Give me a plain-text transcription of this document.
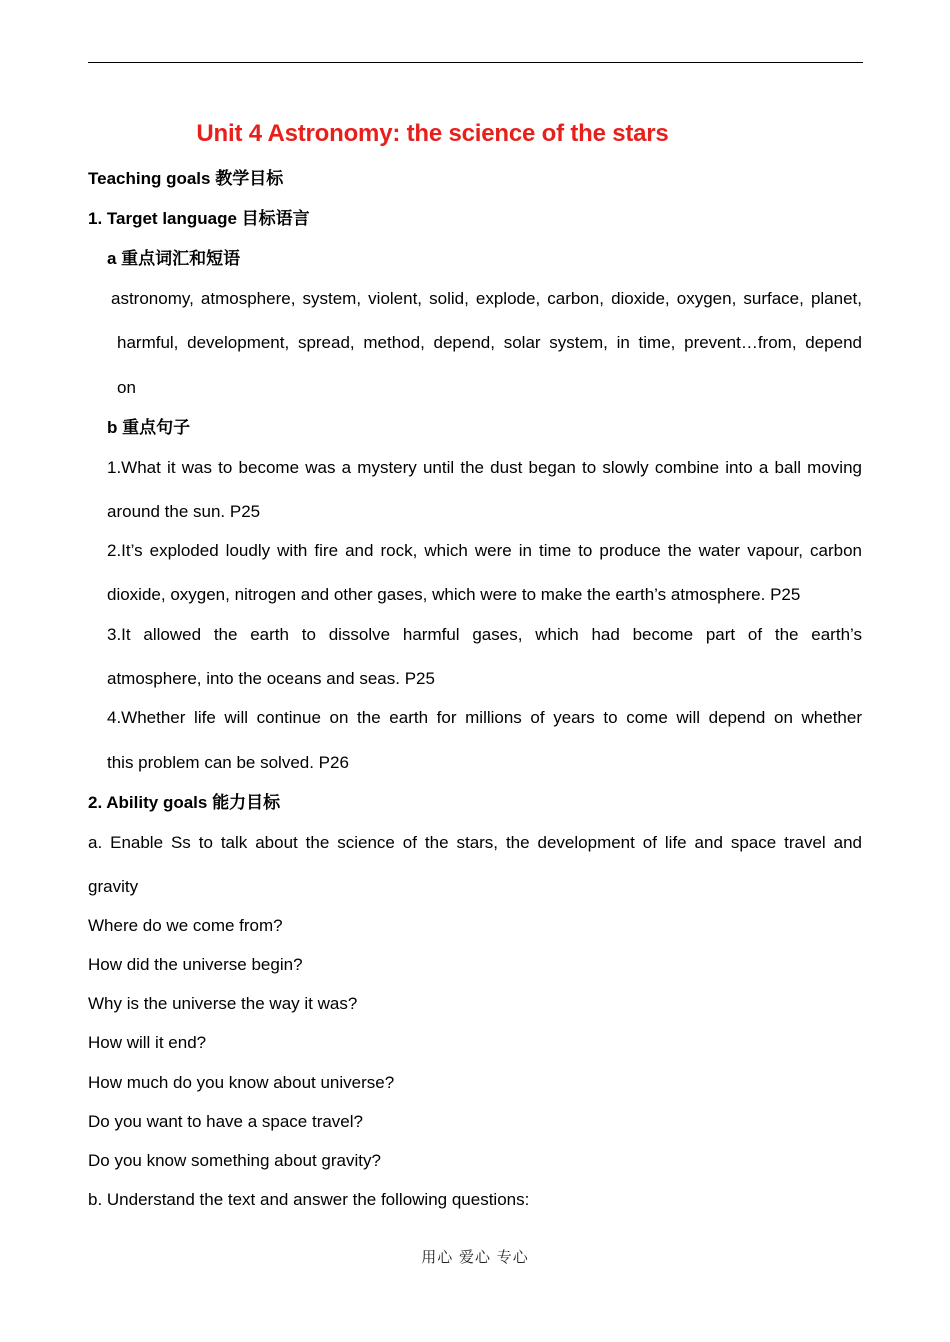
Unit 4 Astronomy: the science of the stars
Teaching goals 教学目标
1. Target language 目标语言
a 重点词汇和短语
astronomy, atmosphere, system, violent, solid, explode, carbon, dioxide, oxygen, surface, planet,
harmful, development, spread, method, depend, solar system, in time, prevent…from, depend
on
b 重点句子
1.What it was to become was a mystery until the dust began to slowly combine into a ball moving
around the sun. P25
2.It’s exploded loudly with fire and rock, which were in time to produce the water vapour, carbon
dioxide, oxygen, nitrogen and other gases, which were to make the earth’s atmosphere. P25
3.It allowed the earth to dissolve harmful gases, which had become part of the earth’s
atmosphere, into the oceans and seas. P25
4.Whether life will continue on the earth for millions of years to come will depend on whether
this problem can be solved. P26
2. Ability goals 能力目标
a. Enable Ss to talk about the science of the stars, the development of life and space travel and
gravity
Where do we come from?
How did the universe begin?
Why is the universe the way it was?
How will it end?
How much do you know about universe?
Do you want to have a space travel?
Do you know something about gravity?
b. Understand the text and answer the following questions:
用心 爱心 专心
